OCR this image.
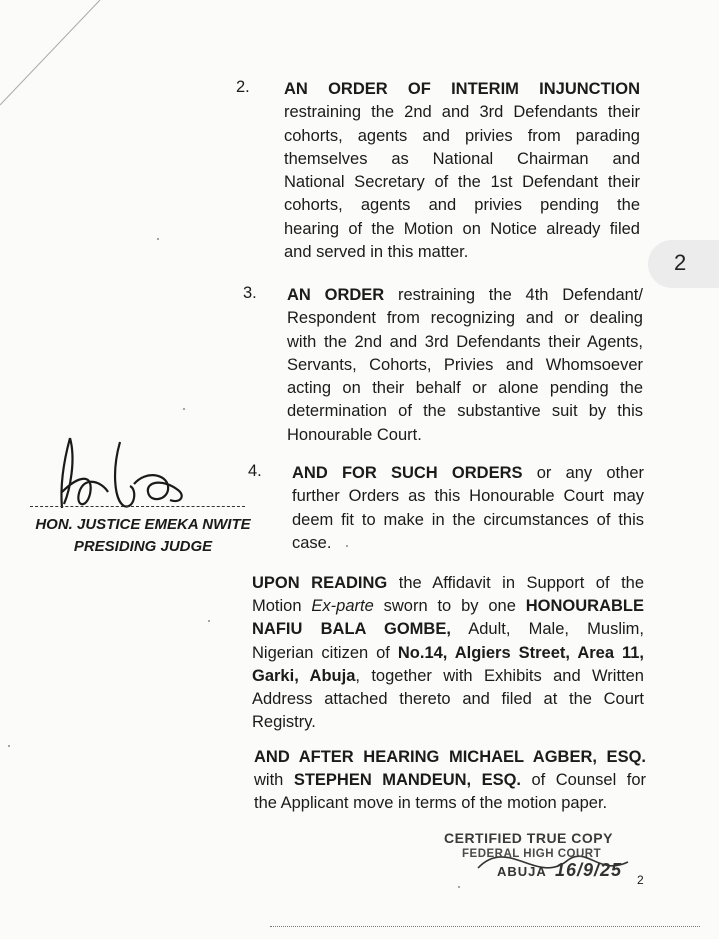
2
2. AN ORDER OF INTERIM INJUNCTION
restraining the 2nd and 3rd Defendants their
cohorts, agents and privies from parading
themselves as National Chairman and
National Secretary of the 1st Defendant their
cohorts, agents and privies pending the
hearing of the Motion on Notice already filed
and served in this matter.
3. AN ORDER restraining the 4th Defendant/
Respondent from recognizing and or dealing
with the 2nd and 3rd Defendants their Agents,
Servants, Cohorts, Privies and Whomsoever
acting on their behalf or alone pending the
determination of the substantive suit by this
Honourable Court.
4. AND FOR SUCH ORDERS or any other
further Orders as this Honourable Court may
deem fit to make in the circumstances of this
case.
UPON READING the Affidavit in Support of the
Motion Ex-parte sworn to by one HONOURABLE
NAFIU BALA GOMBE, Adult, Male, Muslim,
Nigerian citizen of No.14, Algiers Street, Area 11,
Garki, Abuja, together with Exhibits and Written
Address attached thereto and filed at the Court
Registry.
AND AFTER HEARING MICHAEL AGBER, ESQ.
with STEPHEN MANDEUN, ESQ. of Counsel for
the Applicant move in terms of the motion paper.
HON. JUSTICE EMEKA NWITE
PRESIDING JUDGE
CERTIFIED TRUE COPY
FEDERAL HIGH COURT
ABUJA 16/9/25 2
